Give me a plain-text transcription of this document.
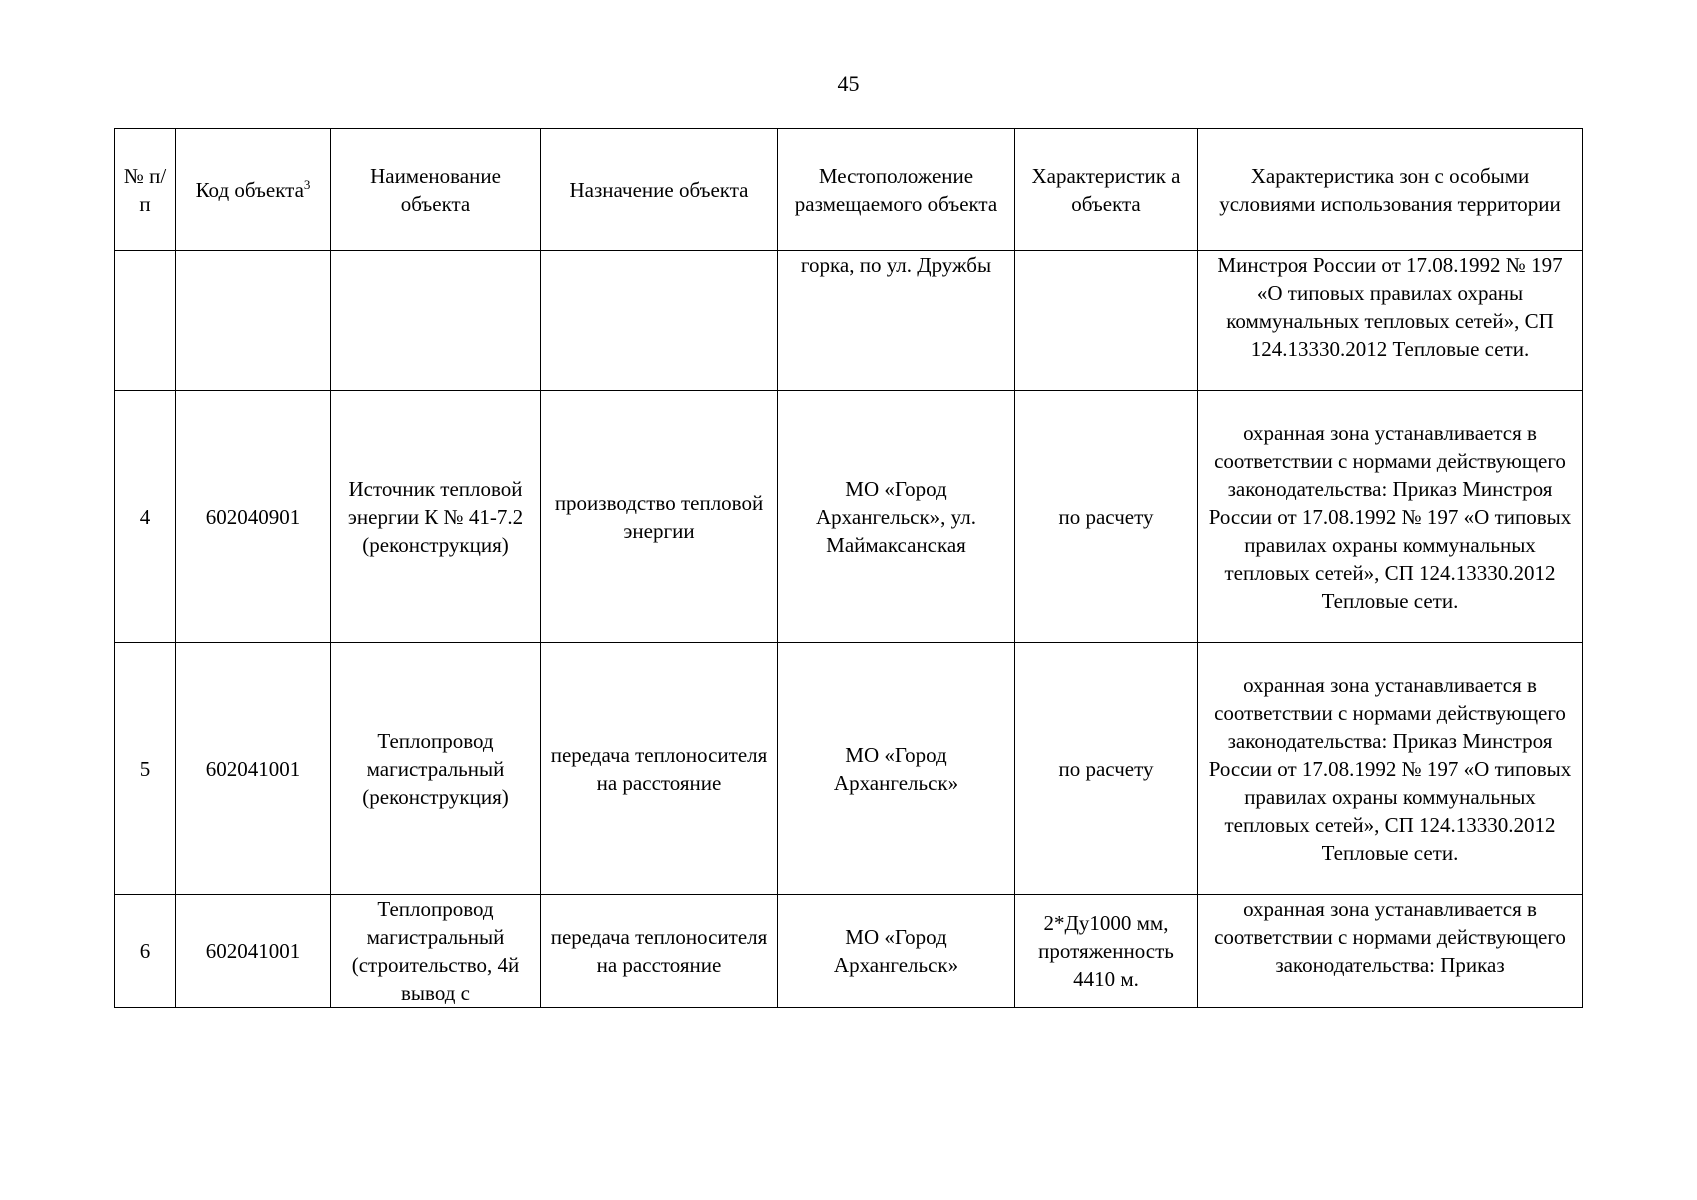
45
№ п/п	Код объекта$^3$	Наименование объекта	Назначение объекта	Местоположение размещаемого объекта	Характеристик а объекта	Характеристика зон с особыми условиями использования территории
				горка, по ул. Дружбы		Минстроя России от 17.08.1992 № 197 «О типовых правилах охраны коммунальных тепловых сетей», СП 124.13330.2012 Тепловые сети.
4	602040901	Источник тепловой энергии К № 41-7.2 (реконструкция)	производство тепловой энергии	МО «Город Архангельск», ул. Маймаксанская	по расчету	охранная зона устанавливается в соответствии с нормами действующего законодательства: Приказ Минстроя России от 17.08.1992 № 197 «О типовых правилах охраны коммунальных тепловых сетей», СП 124.13330.2012 Тепловые сети.
5	602041001	Теплопровод магистральный (реконструкция)	передача теплоносителя на расстояние	МО «Город Архангельск»	по расчету	охранная зона устанавливается в соответствии с нормами действующего законодательства: Приказ Минстроя России от 17.08.1992 № 197 «О типовых правилах охраны коммунальных тепловых сетей», СП 124.13330.2012 Тепловые сети.
6	602041001	Теплопровод магистральный (строительство, 4й вывод с	передача теплоносителя на расстояние	МО «Город Архангельск»	2*Ду1000 мм, протяженность 4410 м.	охранная зона устанавливается в соответствии с нормами действующего законодательства: Приказ
